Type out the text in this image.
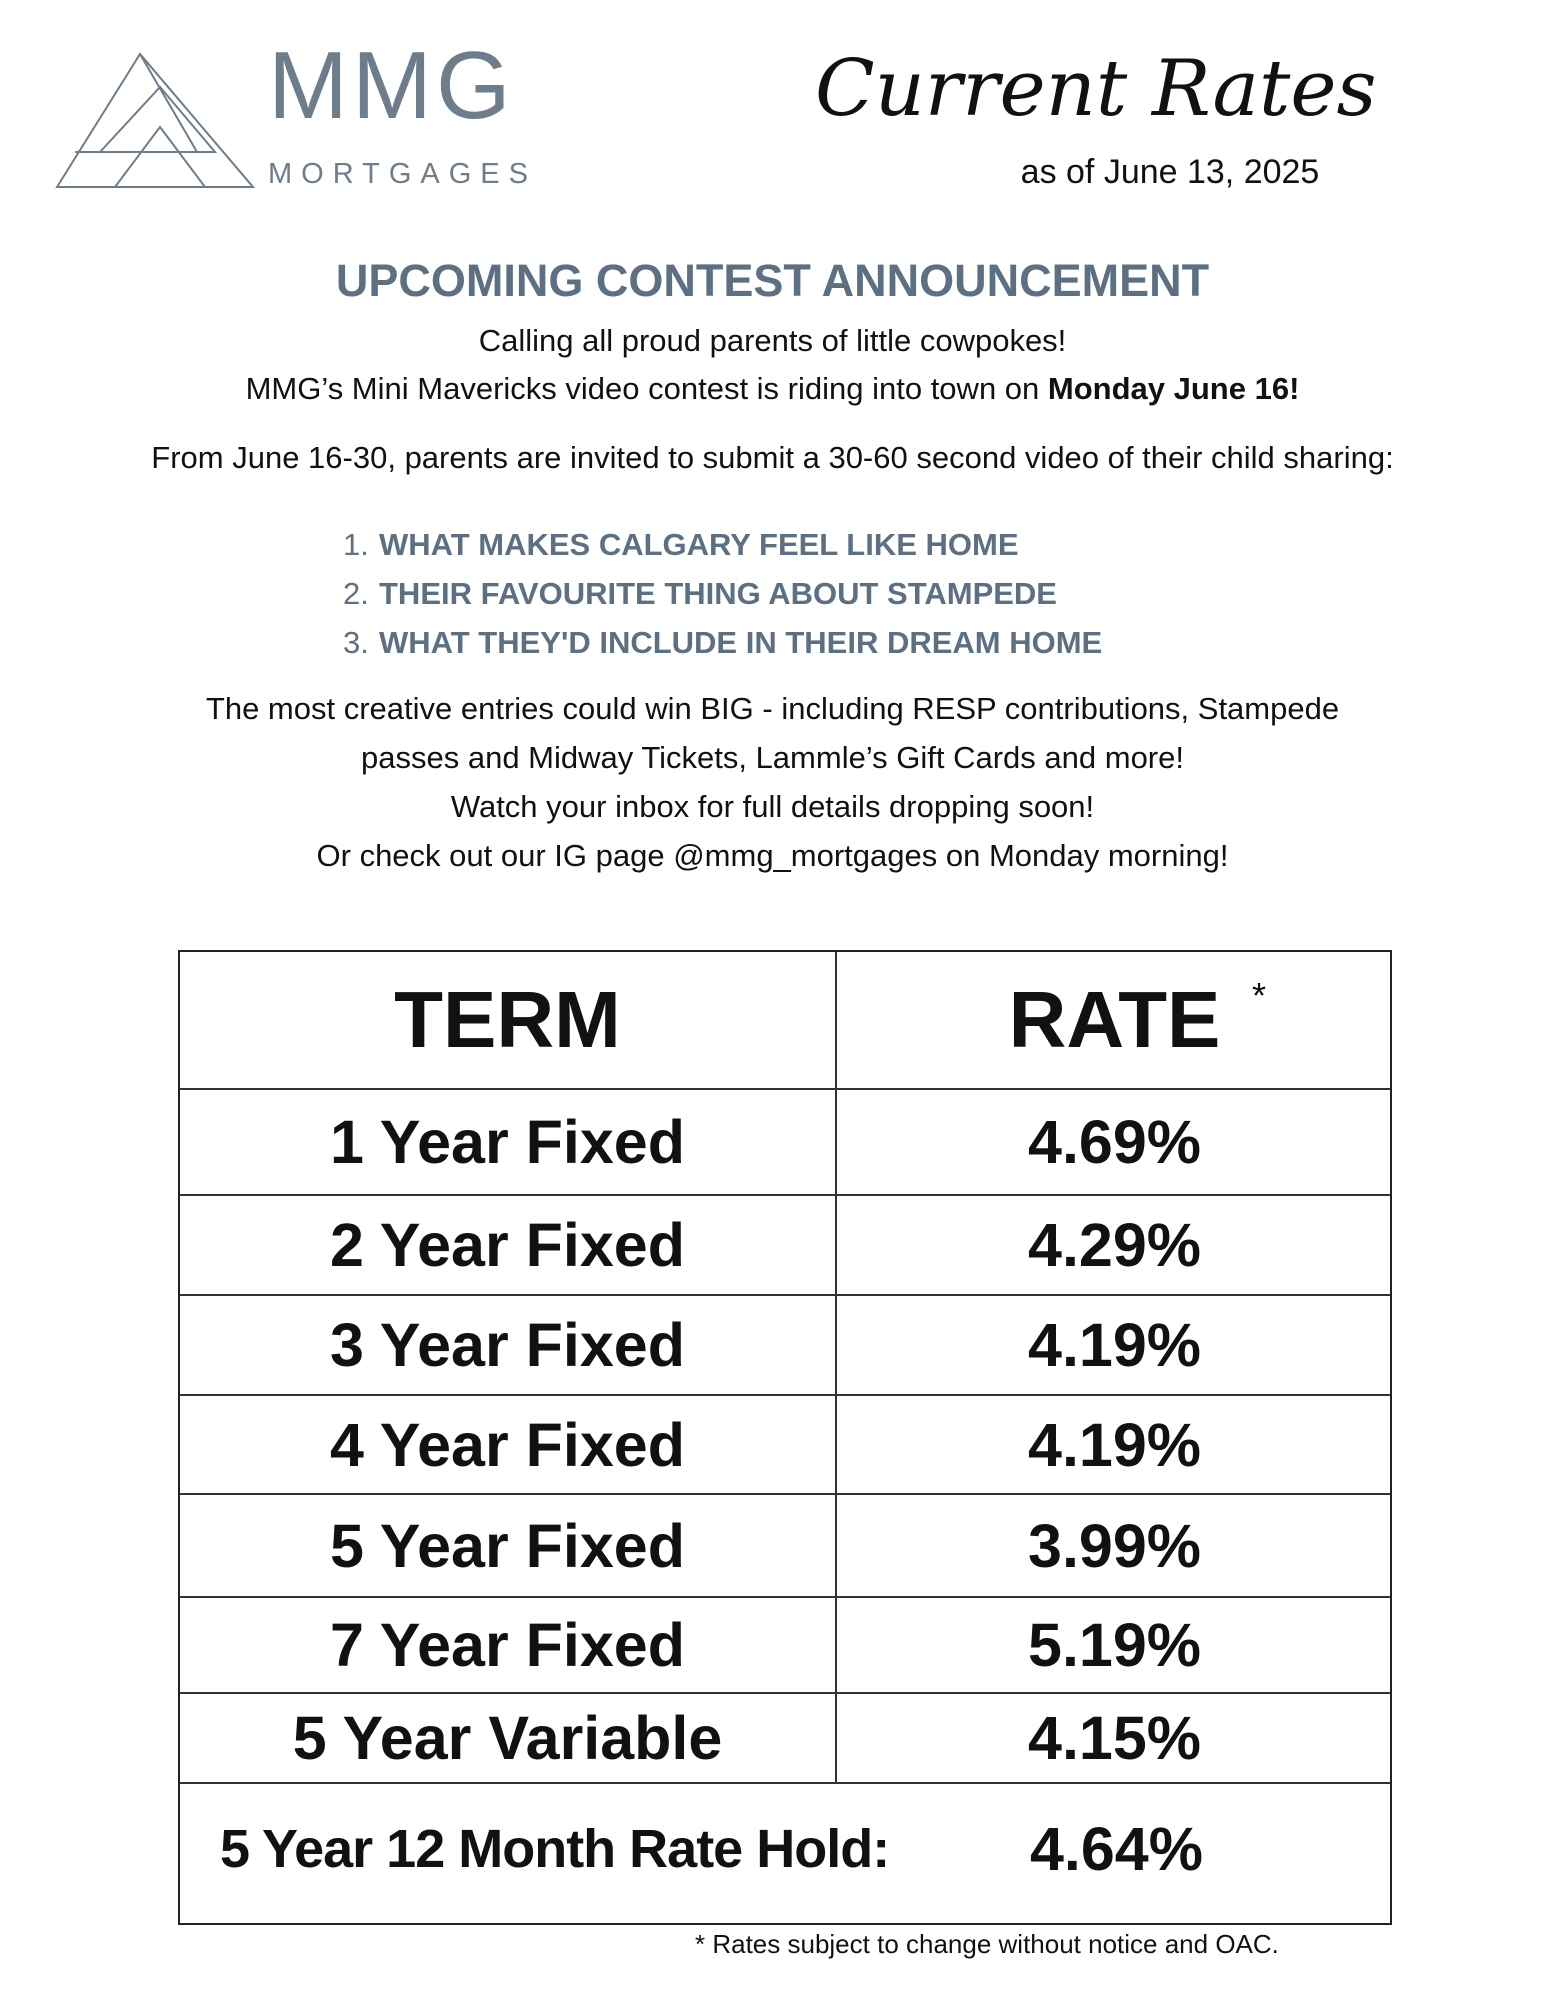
MMG
MORTGAGES
Current Rates
as of June 13, 2025
UPCOMING CONTEST ANNOUNCEMENT
Calling all proud parents of little cowpokes!
MMG’s Mini Mavericks video contest is riding into town on Monday June 16!
From June 16-30, parents are invited to submit a 30-60 second video of their child sharing:
1. WHAT MAKES CALGARY FEEL LIKE HOME
2. THEIR FAVOURITE THING ABOUT STAMPEDE
3. WHAT THEY'D INCLUDE IN THEIR DREAM HOME
The most creative entries could win BIG - including RESP contributions, Stampede
passes and Midway Tickets, Lammle’s Gift Cards and more!
Watch your inbox for full details dropping soon!
Or check out our IG page @mmg_mortgages on Monday morning!
TERM	RATE
1 Year Fixed	4.69%
2 Year Fixed	4.29%
3 Year Fixed	4.19%
4 Year Fixed	4.19%
5 Year Fixed	3.99%
7 Year Fixed	5.19%
5 Year Variable	4.15%
5 Year 12 Month Rate Hold: 4.64%
*
* Rates subject to change without notice and OAC.
